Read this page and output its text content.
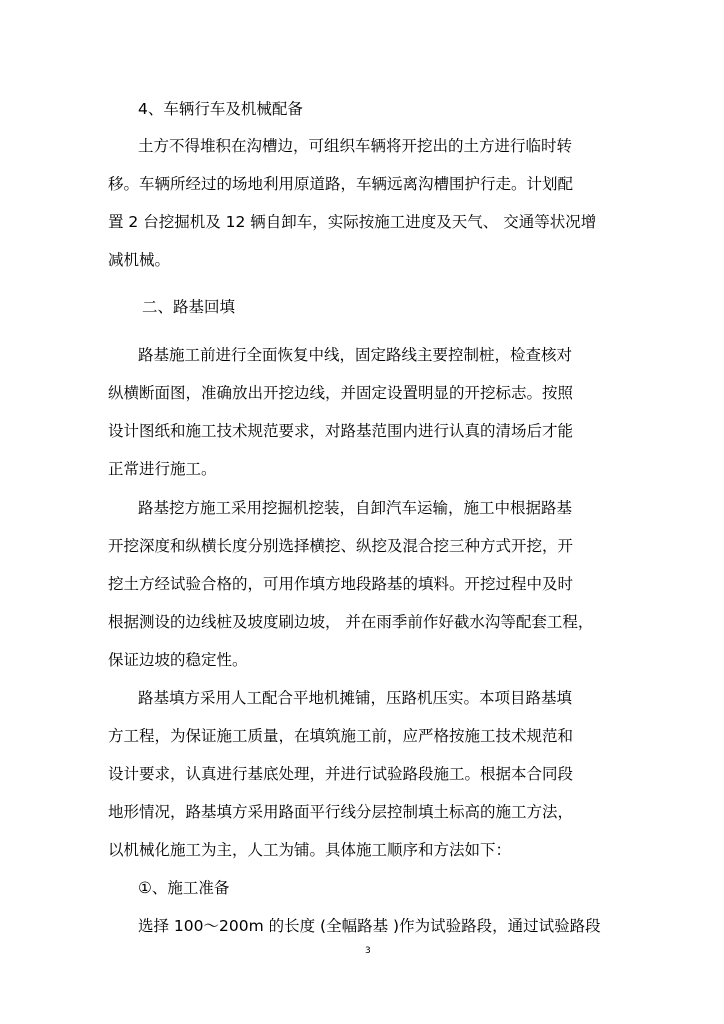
4、车辆行车及机械配备
土方不得堆积在沟槽边，可组织车辆将开挖出的土方进行临时转
移。车辆所经过的场地利用原道路，车辆远离沟槽围护行走。计划配
置 2 台挖掘机及 12 辆自卸车，实际按施工进度及天气、 交通等状况增
减机械。
二、路基回填
路基施工前进行全面恢复中线，固定路线主要控制桩，检查核对
纵横断面图，准确放出开挖边线，并固定设置明显的开挖标志。按照
设计图纸和施工技术规范要求，对路基范围内进行认真的清场后才能
正常进行施工。
路基挖方施工采用挖掘机挖装，自卸汽车运输，施工中根据路基
开挖深度和纵横长度分别选择横挖、纵挖及混合挖三种方式开挖，开
挖土方经试验合格的，可用作填方地段路基的填料。开挖过程中及时
根据测设的边线桩及坡度刷边坡， 并在雨季前作好截水沟等配套工程，
保证边坡的稳定性。
路基填方采用人工配合平地机摊铺，压路机压实。本项目路基填
方工程，为保证施工质量，在填筑施工前，应严格按施工技术规范和
设计要求，认真进行基底处理，并进行试验路段施工。根据本合同段
地形情况，路基填方采用路面平行线分层控制填土标高的施工方法，
以机械化施工为主，人工为铺。具体施工顺序和方法如下：
①、施工准备
选择 100～200m 的长度 (全幅路基 )作为试验路段，通过试验路段
3
